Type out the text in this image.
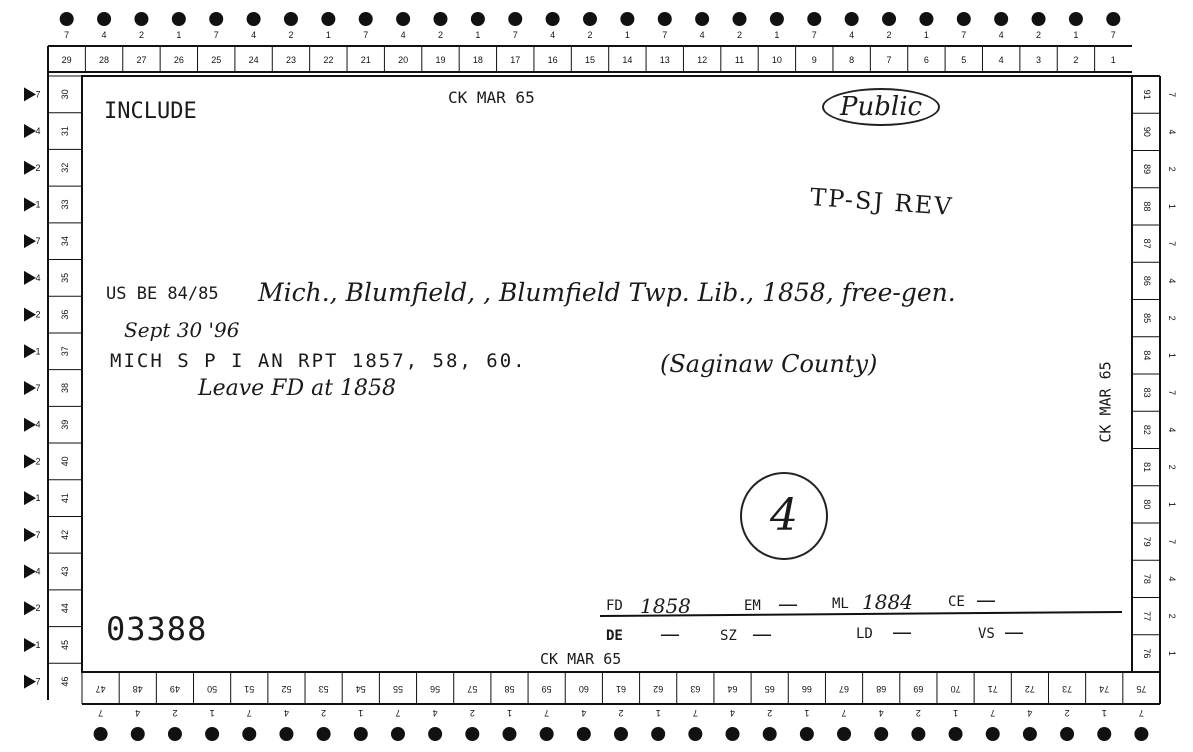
29
7
28
4
27
2
26
1
25
7
24
4
23
2
22
1
21
7
20
4
19
2
18
1
17
7
16
4
15
2
14
1
13
7
12
4
11
2
10
1
9
7
8
4
7
2
6
1
5
7
4
4
3
2
2
1
1
7
47
7
48
4
49
2
50
1
51
7
52
4
53
2
54
1
55
7
56
4
57
2
58
1
59
7
60
4
61
2
62
1
63
7
64
4
65
2
66
1
67
7
68
4
69
2
70
1
71
7
72
4
73
2
74
1
75
7
30
7
31
4
32
2
33
1
34
7
35
4
36
2
37
1
38
7
39
4
40
2
41
1
42
7
43
4
44
2
45
1
46
7
91 7
90 4
89 2
88 1
87 7
86 4
85 2
84 1
83 7
82 4
81 2
80 1
79 7
78 4
77 2
76 1
INCLUDE
CK MAR 65	Public
TP-SJ REV
US BE 84/85 Mich., Blumfield, , Blumfield Twp. Lib., 1858, free-gen.
Sept 30 '96
MICH S P I AN RPT 1857, 58, 60.	(Saginaw County)
Leave FD at 1858	CK MAR 65
4
03388
FD 1858	EM — ML 1884	CE —
DE —	SZ —	LD —	VS —
CK MAR 65
